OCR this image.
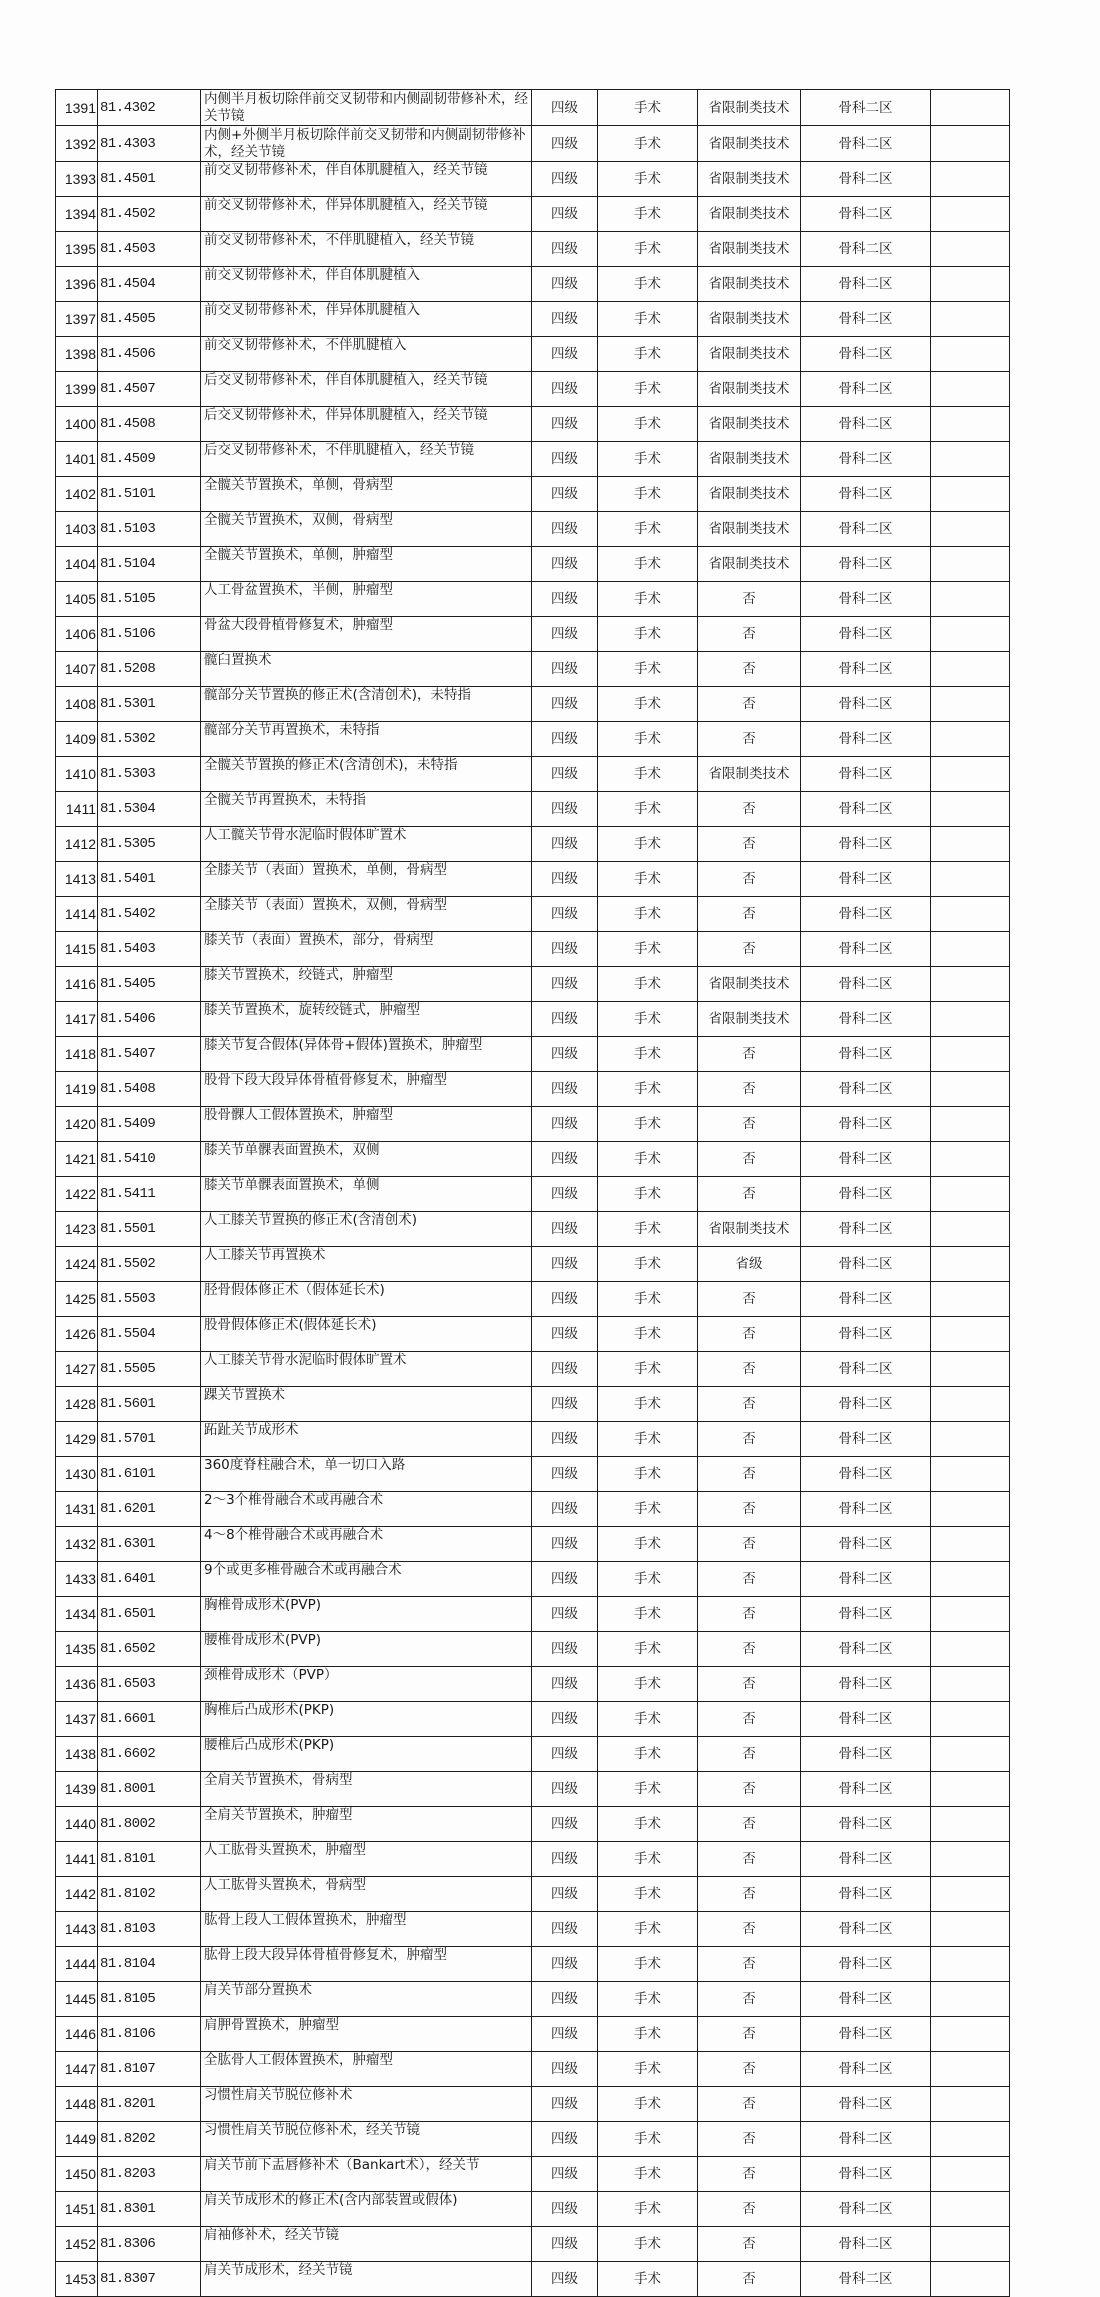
1391	81.4302	内侧半月板切除伴前交叉韧带和内侧副韧带修补术，经关节镜	四级	手术	省限制类技术	骨科二区	
1392	81.4303	内侧+外侧半月板切除伴前交叉韧带和内侧副韧带修补术，经关节镜	四级	手术	省限制类技术	骨科二区	
1393	81.4501	前交叉韧带修补术，伴自体肌腱植入，经关节镜	四级	手术	省限制类技术	骨科二区	
1394	81.4502	前交叉韧带修补术，伴异体肌腱植入，经关节镜	四级	手术	省限制类技术	骨科二区	
1395	81.4503	前交叉韧带修补术，不伴肌腱植入，经关节镜	四级	手术	省限制类技术	骨科二区	
1396	81.4504	前交叉韧带修补术，伴自体肌腱植入	四级	手术	省限制类技术	骨科二区	
1397	81.4505	前交叉韧带修补术，伴异体肌腱植入	四级	手术	省限制类技术	骨科二区	
1398	81.4506	前交叉韧带修补术，不伴肌腱植入	四级	手术	省限制类技术	骨科二区	
1399	81.4507	后交叉韧带修补术，伴自体肌腱植入，经关节镜	四级	手术	省限制类技术	骨科二区	
1400	81.4508	后交叉韧带修补术，伴异体肌腱植入，经关节镜	四级	手术	省限制类技术	骨科二区	
1401	81.4509	后交叉韧带修补术，不伴肌腱植入，经关节镜	四级	手术	省限制类技术	骨科二区	
1402	81.5101	全髋关节置换术，单侧，骨病型	四级	手术	省限制类技术	骨科二区	
1403	81.5103	全髋关节置换术，双侧，骨病型	四级	手术	省限制类技术	骨科二区	
1404	81.5104	全髋关节置换术，单侧，肿瘤型	四级	手术	省限制类技术	骨科二区	
1405	81.5105	人工骨盆置换术，半侧，肿瘤型	四级	手术	否	骨科二区	
1406	81.5106	骨盆大段骨植骨修复术，肿瘤型	四级	手术	否	骨科二区	
1407	81.5208	髋臼置换术	四级	手术	否	骨科二区	
1408	81.5301	髋部分关节置换的修正术(含清创术)，未特指	四级	手术	否	骨科二区	
1409	81.5302	髋部分关节再置换术，未特指	四级	手术	否	骨科二区	
1410	81.5303	全髋关节置换的修正术(含清创术)，未特指	四级	手术	省限制类技术	骨科二区	
1411	81.5304	全髋关节再置换术，未特指	四级	手术	否	骨科二区	
1412	81.5305	人工髋关节骨水泥临时假体旷置术	四级	手术	否	骨科二区	
1413	81.5401	全膝关节（表面）置换术，单侧，骨病型	四级	手术	否	骨科二区	
1414	81.5402	全膝关节（表面）置换术，双侧，骨病型	四级	手术	否	骨科二区	
1415	81.5403	膝关节（表面）置换术，部分，骨病型	四级	手术	否	骨科二区	
1416	81.5405	膝关节置换术，绞链式，肿瘤型	四级	手术	省限制类技术	骨科二区	
1417	81.5406	膝关节置换术，旋转绞链式，肿瘤型	四级	手术	省限制类技术	骨科二区	
1418	81.5407	膝关节复合假体(异体骨+假体)置换术，肿瘤型	四级	手术	否	骨科二区	
1419	81.5408	股骨下段大段异体骨植骨修复术，肿瘤型	四级	手术	否	骨科二区	
1420	81.5409	股骨髁人工假体置换术，肿瘤型	四级	手术	否	骨科二区	
1421	81.5410	膝关节单髁表面置换术，双侧	四级	手术	否	骨科二区	
1422	81.5411	膝关节单髁表面置换术，单侧	四级	手术	否	骨科二区	
1423	81.5501	人工膝关节置换的修正术(含清创术)	四级	手术	省限制类技术	骨科二区	
1424	81.5502	人工膝关节再置换术	四级	手术	省级	骨科二区	
1425	81.5503	胫骨假体修正术（假体延长术)	四级	手术	否	骨科二区	
1426	81.5504	股骨假体修正术(假体延长术)	四级	手术	否	骨科二区	
1427	81.5505	人工膝关节骨水泥临时假体旷置术	四级	手术	否	骨科二区	
1428	81.5601	踝关节置换术	四级	手术	否	骨科二区	
1429	81.5701	跖趾关节成形术	四级	手术	否	骨科二区	
1430	81.6101	360度脊柱融合术，单一切口入路	四级	手术	否	骨科二区	
1431	81.6201	2～3个椎骨融合术或再融合术	四级	手术	否	骨科二区	
1432	81.6301	4～8个椎骨融合术或再融合术	四级	手术	否	骨科二区	
1433	81.6401	9个或更多椎骨融合术或再融合术	四级	手术	否	骨科二区	
1434	81.6501	胸椎骨成形术(PVP)	四级	手术	否	骨科二区	
1435	81.6502	腰椎骨成形术(PVP)	四级	手术	否	骨科二区	
1436	81.6503	颈椎骨成形术（PVP）	四级	手术	否	骨科二区	
1437	81.6601	胸椎后凸成形术(PKP)	四级	手术	否	骨科二区	
1438	81.6602	腰椎后凸成形术(PKP)	四级	手术	否	骨科二区	
1439	81.8001	全肩关节置换术，骨病型	四级	手术	否	骨科二区	
1440	81.8002	全肩关节置换术，肿瘤型	四级	手术	否	骨科二区	
1441	81.8101	人工肱骨头置换术，肿瘤型	四级	手术	否	骨科二区	
1442	81.8102	人工肱骨头置换术，骨病型	四级	手术	否	骨科二区	
1443	81.8103	肱骨上段人工假体置换术，肿瘤型	四级	手术	否	骨科二区	
1444	81.8104	肱骨上段大段异体骨植骨修复术，肿瘤型	四级	手术	否	骨科二区	
1445	81.8105	肩关节部分置换术	四级	手术	否	骨科二区	
1446	81.8106	肩胛骨置换术，肿瘤型	四级	手术	否	骨科二区	
1447	81.8107	全肱骨人工假体置换术，肿瘤型	四级	手术	否	骨科二区	
1448	81.8201	习惯性肩关节脱位修补术	四级	手术	否	骨科二区	
1449	81.8202	习惯性肩关节脱位修补术，经关节镜	四级	手术	否	骨科二区	
1450	81.8203	肩关节前下盂唇修补术（Bankart术），经关节	四级	手术	否	骨科二区	
1451	81.8301	肩关节成形术的修正术(含内部装置或假体)	四级	手术	否	骨科二区	
1452	81.8306	肩袖修补术，经关节镜	四级	手术	否	骨科二区	
1453	81.8307	肩关节成形术，经关节镜	四级	手术	否	骨科二区	
